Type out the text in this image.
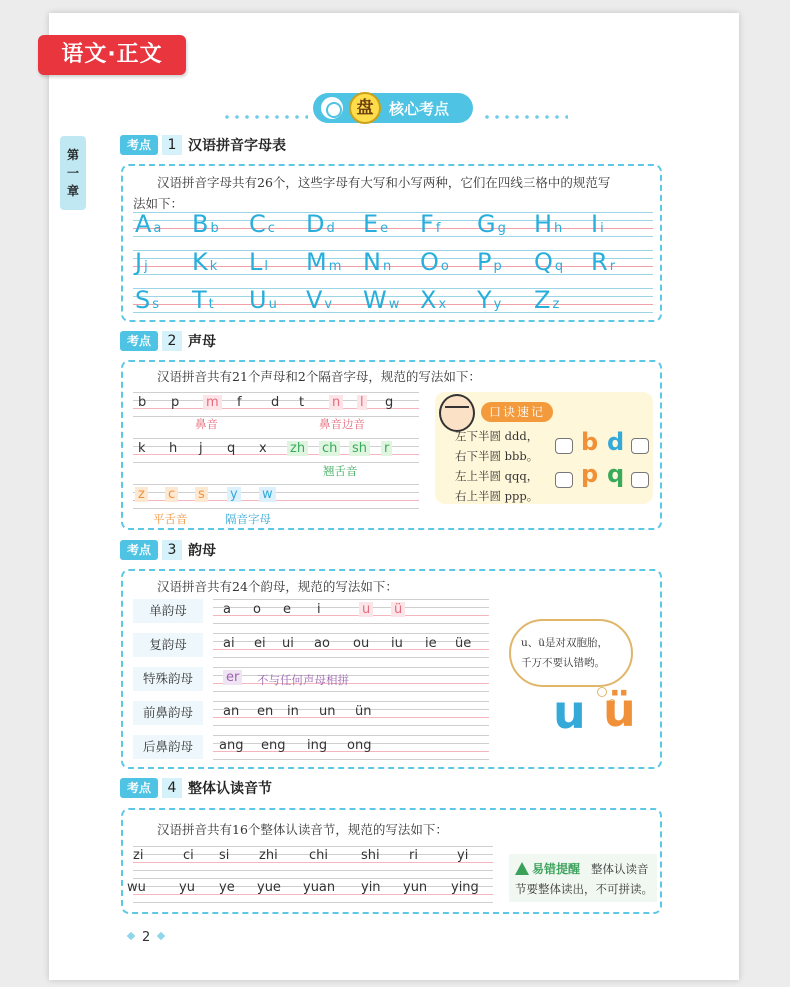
语文·正文
第
一
章
盘	核心考点
考点	1 汉语拼音字母表
汉语拼音字母共有26个，这些字母有大写和小写两种，它们在四线三格中的规范写
法如下：
Aa	Bb	Cc	Dd	Ee	Ff	Gg	Hh	Ii
Jj	Kk	Ll	Mm Nn	Oo	Pp	Qq	Rr
Ss	Tt	Uu	Vv	Ww Xx	Yy	Zz
考点	2 声母
汉语拼音共有21个声母和2个隔音字母，规范的写法如下：
b p m f d t n l g
k h j q x zh ch sh r
z c s y w
鼻音	鼻音边音
翘舌音
平舌音	隔音字母
口诀速记
左下半圆 ddd，
右下半圆 bbb。
左上半圆 qqq，
右上半圆 ppp。
b d
p q
考点	3 韵母
汉语拼音共有24个韵母，规范的写法如下：
单韵母	a o e i	u ü
复韵母	ai ei ui ao ou iu ie üe
特殊韵母	er 不与任何声母相拼
前鼻韵母	an en in un ün
后鼻韵母	ang eng ing ong
u、ü是对双胞胎，
千万不要认错哟。
u ü
考点	4 整体认读音节
汉语拼音共有16个整体认读音节，规范的写法如下：
zi	ci si zhi chi	shi ri	yi
wu	yu ye yue yuan yin yun ying
易错提醒 整体认读音
节要整体读出，不可拼读。
2
